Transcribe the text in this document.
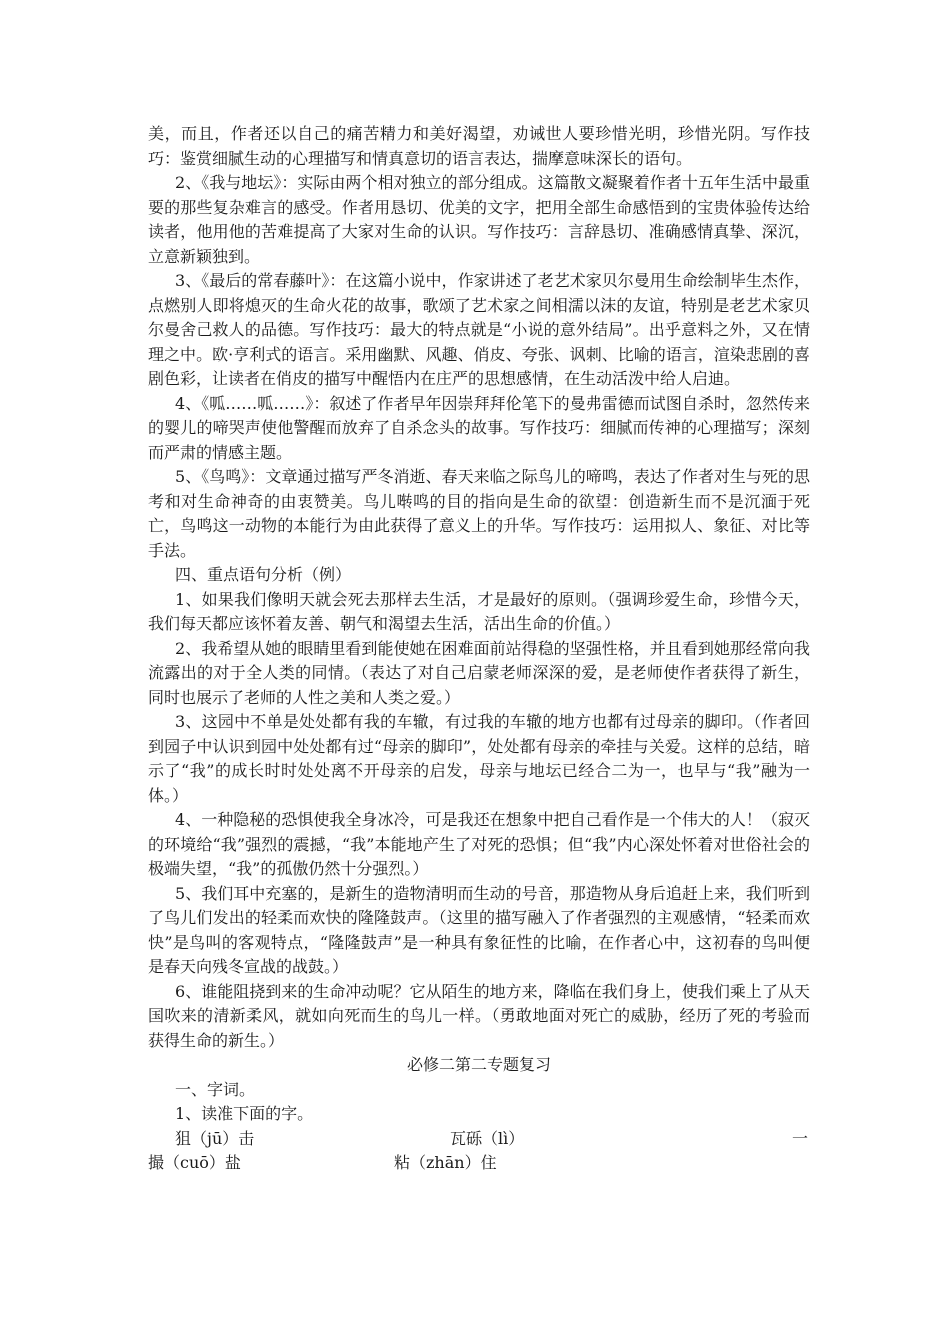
美，而且，作者还以自己的痛苦精力和美好渴望，劝诫世人要珍惜光明，珍惜光阴。写作技巧：鉴赏细腻生动的心理描写和情真意切的语言表达，揣摩意味深长的语句。

2、《我与地坛》：实际由两个相对独立的部分组成。这篇散文凝聚着作者十五年生活中最重要的那些复杂难言的感受。作者用恳切、优美的文字，把用全部生命感悟到的宝贵体验传达给读者，他用他的苦难提高了大家对生命的认识。写作技巧：言辞恳切、准确感情真挚、深沉，立意新颖独到。

3、《最后的常春藤叶》：在这篇小说中，作家讲述了老艺术家贝尔曼用生命绘制毕生杰作，点燃别人即将熄灭的生命火花的故事，歌颂了艺术家之间相濡以沫的友谊，特别是老艺术家贝尔曼舍己救人的品德。写作技巧：最大的特点就是“小说的意外结局”。出乎意料之外，又在情理之中。欧·亨利式的语言。采用幽默、风趣、俏皮、夸张、讽刺、比喻的语言，渲染悲剧的喜剧色彩，让读者在俏皮的描写中醒悟内在庄严的思想感情，在生动活泼中给人启迪。

4、《呱……呱……》：叙述了作者早年因崇拜拜伦笔下的曼弗雷德而试图自杀时，忽然传来的婴儿的啼哭声使他警醒而放弃了自杀念头的故事。写作技巧：细腻而传神的心理描写；深刻而严肃的情感主题。

5、《鸟鸣》：文章通过描写严冬消逝、春天来临之际鸟儿的啼鸣，表达了作者对生与死的思考和对生命神奇的由衷赞美。鸟儿啭鸣的目的指向是生命的欲望：创造新生而不是沉湎于死亡，鸟鸣这一动物的本能行为由此获得了意义上的升华。写作技巧：运用拟人、象征、对比等手法。

四、重点语句分析（例）

1、如果我们像明天就会死去那样去生活，才是最好的原则。（强调珍爱生命，珍惜今天，我们每天都应该怀着友善、朝气和渴望去生活，活出生命的价值。）

2、我希望从她的眼睛里看到能使她在困难面前站得稳的坚强性格，并且看到她那经常向我流露出的对于全人类的同情。（表达了对自己启蒙老师深深的爱，是老师使作者获得了新生，同时也展示了老师的人性之美和人类之爱。）

3、这园中不单是处处都有我的车辙，有过我的车辙的地方也都有过母亲的脚印。（作者回到园子中认识到园中处处都有过“母亲的脚印”，处处都有母亲的牵挂与关爱。这样的总结，暗示了“我”的成长时时处处离不开母亲的启发，母亲与地坛已经合二为一，也早与“我”融为一体。）

4、一种隐秘的恐惧使我全身冰冷，可是我还在想象中把自己看作是一个伟大的人！（寂灭的环境给“我”强烈的震撼，“我”本能地产生了对死的恐惧；但“我”内心深处怀着对世俗社会的极端失望，“我”的孤傲仍然十分强烈。）

5、我们耳中充塞的，是新生的造物清明而生动的号音，那造物从身后追赶上来，我们听到了鸟儿们发出的轻柔而欢快的隆隆鼓声。（这里的描写融入了作者强烈的主观感情，“轻柔而欢快”是鸟叫的客观特点，“隆隆鼓声”是一种具有象征性的比喻，在作者心中，这初春的鸟叫便是春天向残冬宣战的战鼓。）

6、谁能阻挠到来的生命冲动呢？它从陌生的地方来，降临在我们身上，使我们乘上了从天国吹来的清新柔风，就如向死而生的鸟儿一样。（勇敢地面对死亡的威胁，经历了死的考验而获得生命的新生。）

必修二第二专题复习

一、字词。

1、读准下面的字。

狙（jū）击	瓦砾（lì）	一
撮（cuō）盐	粘（zhān）住
